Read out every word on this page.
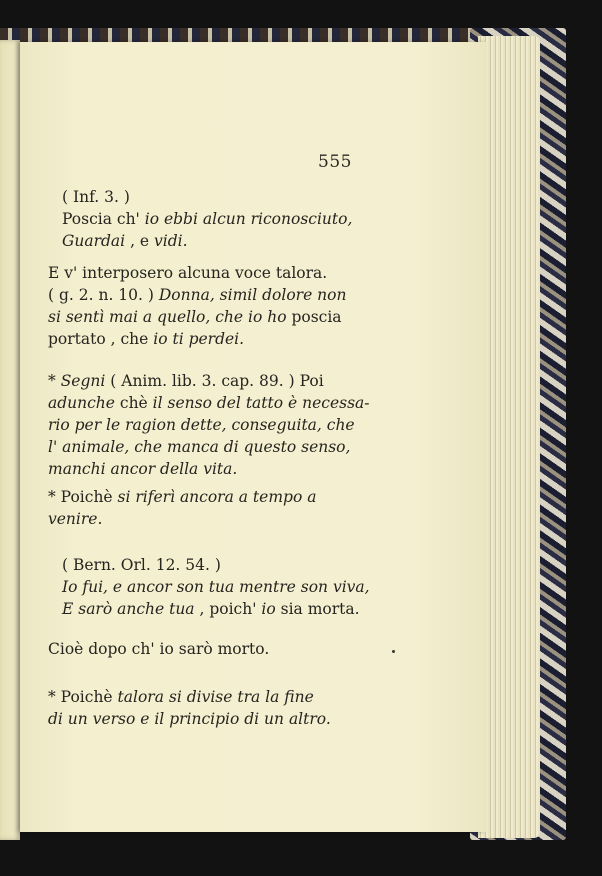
555

( Inf. 3. )

Poscia ch' io ebbi alcun riconosciuto,

Guardai , e vidi.

E v' interposero alcuna voce talora.

( g. 2. n. 10. ) Donna, simil dolore non

si sentì mai a quello, che io ho poscia

portato , che io ti perdei.

* Segni ( Anim. lib. 3. cap. 89. ) Poi

adunche chè il senso del tatto è necessa-

rio per le ragion dette, conseguita, che

l' animale, che manca di questo senso,

manchi ancor della vita.

* Poichè si riferì ancora a tempo a

venire.

( Bern. Orl. 12. 54. )

Io fui, e ancor son tua mentre son viva,

E sarò anche tua , poich' io sia morta.

Cioè dopo ch' io sarò morto.

* Poichè talora si divise tra la fine

di un verso e il principio di un altro.
